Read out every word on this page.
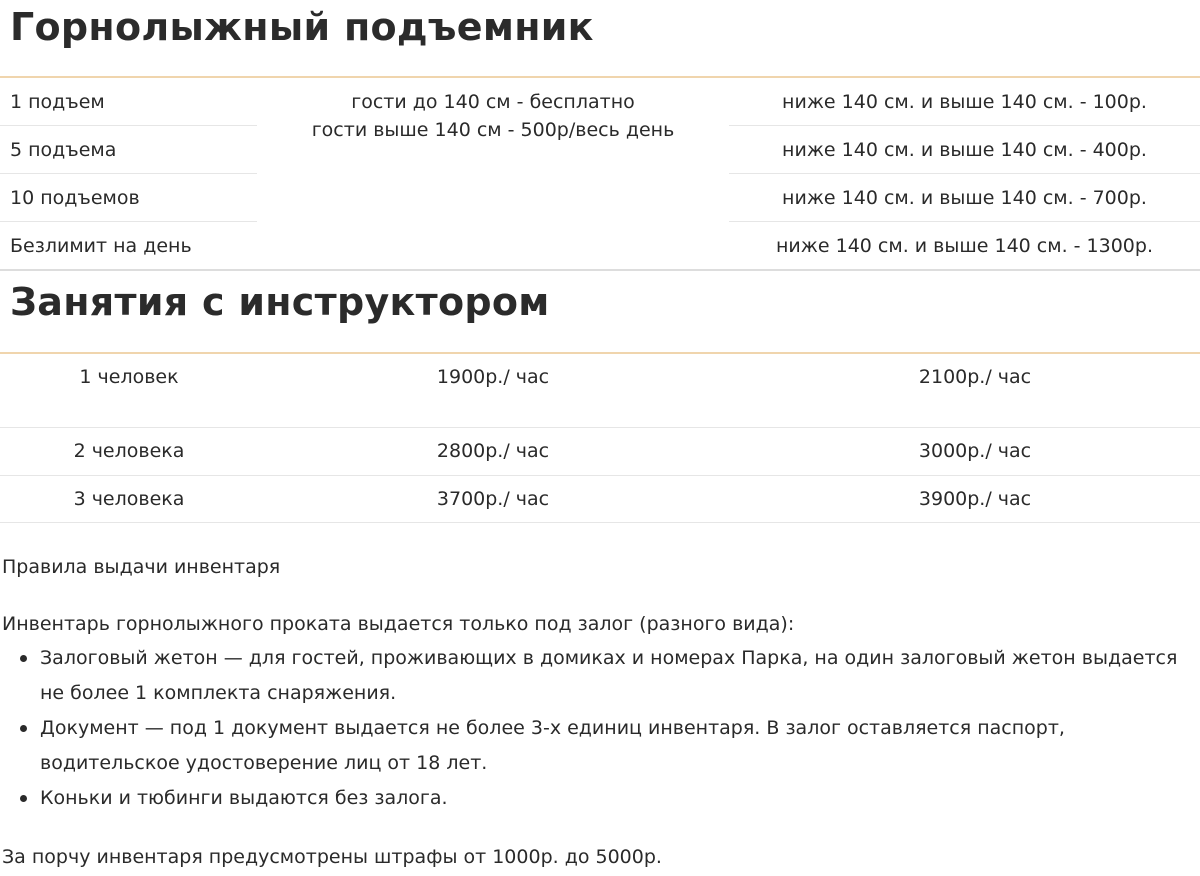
Горнолыжный подъемник
1 подъем	ниже 140 см. и выше 140 см. - 100р.
5 подъема	ниже 140 см. и выше 140 см. - 400р.
10 подъемов	ниже 140 см. и выше 140 см. - 700р.
Безлимит на день	ниже 140 см. и выше 140 см. - 1300р.
гости до 140 см - бесплатно
гости выше 140 см - 500р/весь день
Занятия с инструктором
1 человек	1900р./ час	2100р./ час
2 человека	2800р./ час	3000р./ час
3 человека	3700р./ час	3900р./ час

Правила выдачи инвентаря

Инвентарь горнолыжного проката выдается только под залог (разного вида):

Залоговый жетон — для гостей, проживающих в домиках и номерах Парка, на один залоговый жетон выдается не более 1 комплекта снаряжения.
Документ — под 1 документ выдается не более 3-х единиц инвентаря. В залог оставляется паспорт, водительское удостоверение лиц от 18 лет.
Коньки и тюбинги выдаются без залога.

За порчу инвентаря предусмотрены штрафы от 1000р. до 5000р.
